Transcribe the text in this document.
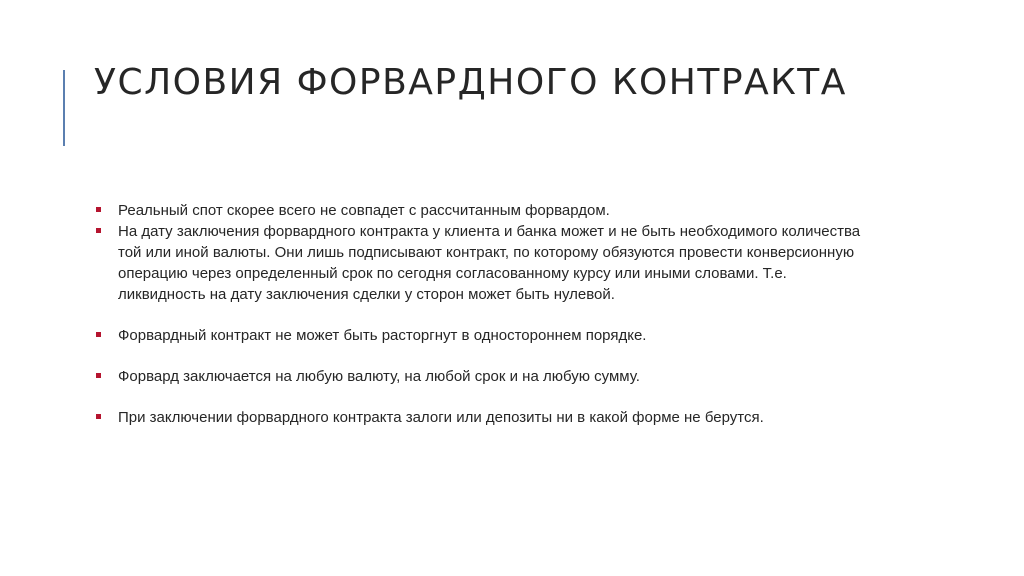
УСЛОВИЯ ФОРВАРДНОГО КОНТРАКТА
Реальный спот скорее всего не совпадет с рассчитанным форвардом.
На дату заключения форвардного контракта у клиента и банка может и не быть необходимого количества
той или иной валюты. Они лишь подписывают контракт, по которому обязуются провести конверсионную
операцию через определенный срок по сегодня согласованному курсу или иными словами. Т.е.
ликвидность на дату заключения сделки у сторон может быть нулевой.
Форвардный контракт не может быть расторгнут в одностороннем порядке.
Форвард заключается на любую валюту, на любой срок и на любую сумму.
При заключении форвардного контракта залоги или депозиты ни в какой форме не берутся.
